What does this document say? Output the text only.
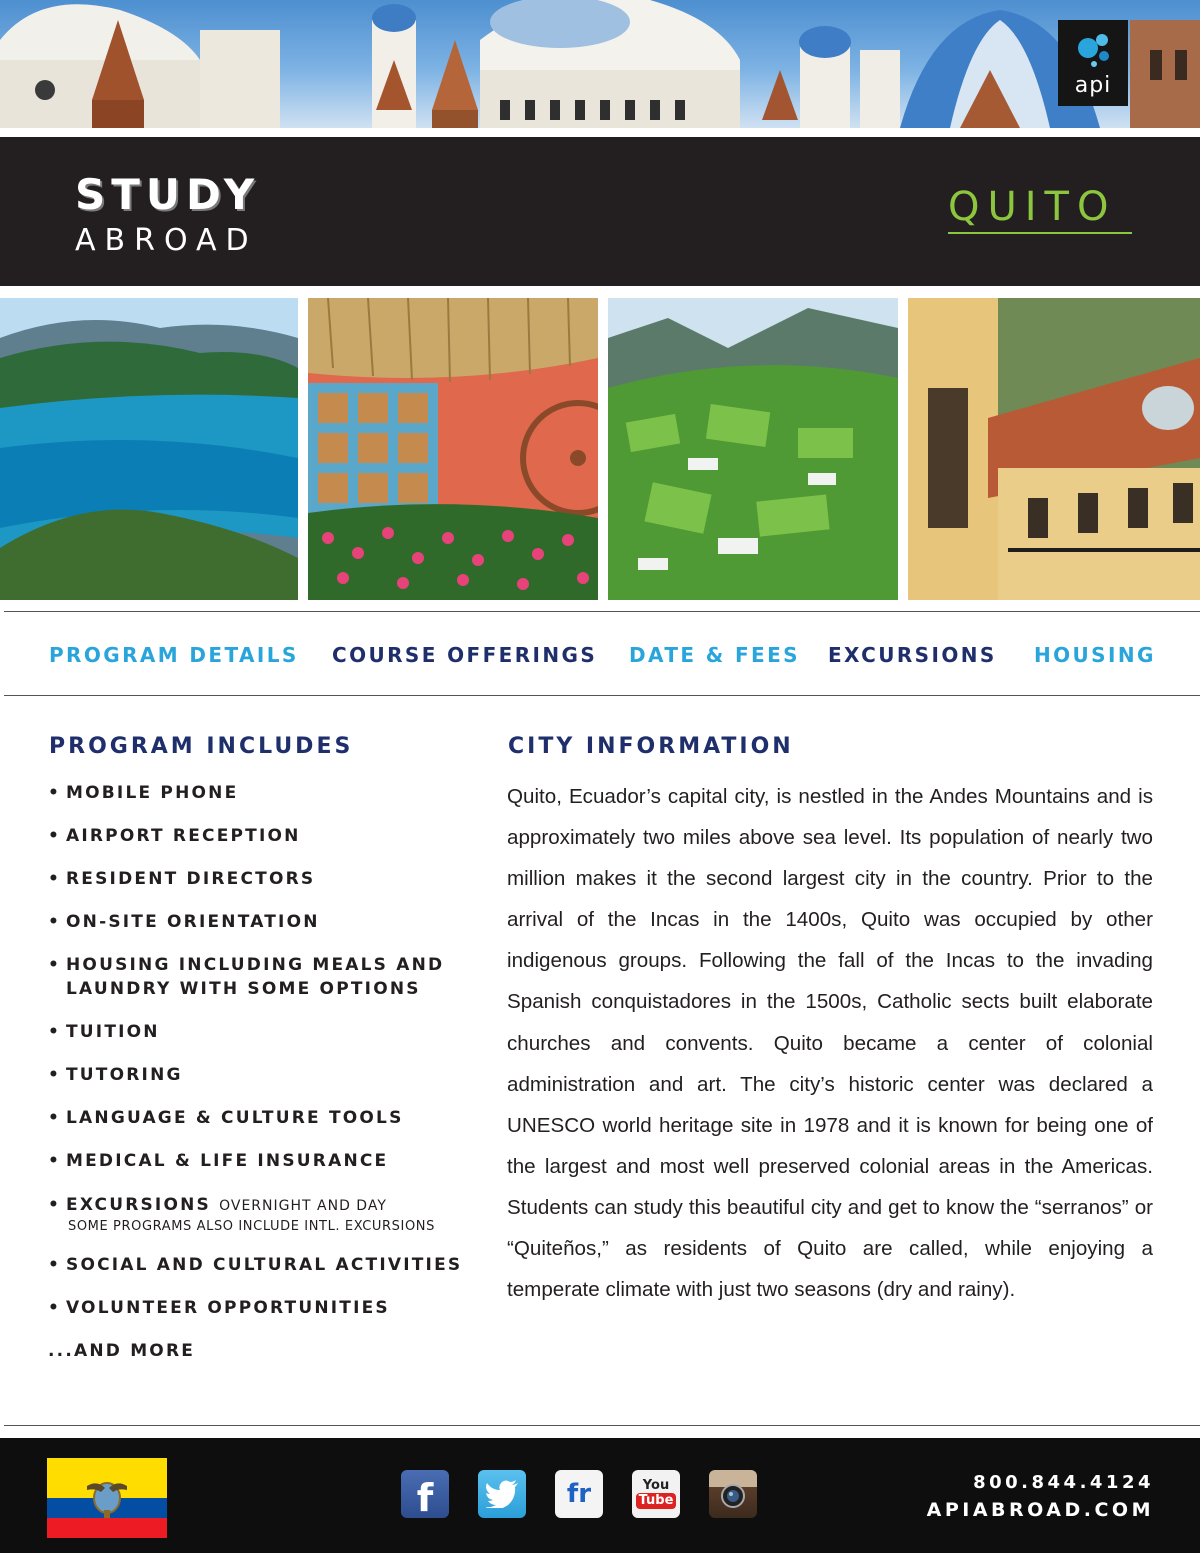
api
STUDY
ABROAD
QUITO
PROGRAM DETAILS COURSE OFFERINGS DATE & FEES EXCURSIONS HOUSING
PROGRAM INCLUDES
• MOBILE PHONE
• AIRPORT RECEPTION
• RESIDENT DIRECTORS
• ON-SITE ORIENTATION
• HOUSING INCLUDING MEALS AND
LAUNDRY WITH SOME OPTIONS
• TUITION
• TUTORING
• LANGUAGE & CULTURE TOOLS
• MEDICAL & LIFE INSURANCE
• EXCURSIONS OVERNIGHT AND DAY
SOME PROGRAMS ALSO INCLUDE INTL. EXCURSIONS
• SOCIAL AND CULTURAL ACTIVITIES
• VOLUNTEER OPPORTUNITIES
...AND MORE
CITY INFORMATION
Quito, Ecuador’s capital city, is nestled in the Andes Mountains and is approximately two miles above sea level. Its population of nearly two million makes it the second largest city in the country. Prior to the arrival of the Incas in the 1400s, Quito was occupied by other indigenous groups. Following the fall of the Incas to the invading Spanish conquistadores in the 1500s, Catholic sects built elaborate churches and convents. Quito became a center of colonial administration and art. The city’s historic center was declared a UNESCO world heritage site in 1978 and it is known for being one of the largest and most well preserved colonial areas in the Americas. Students can study this beautiful city and get to know the “serranos” or “Quiteños,” as residents of Quito are called, while enjoying a temperate climate with just two seasons (dry and rainy).
f	fr	You
Tube
800.844.4124
APIABROAD.COM
